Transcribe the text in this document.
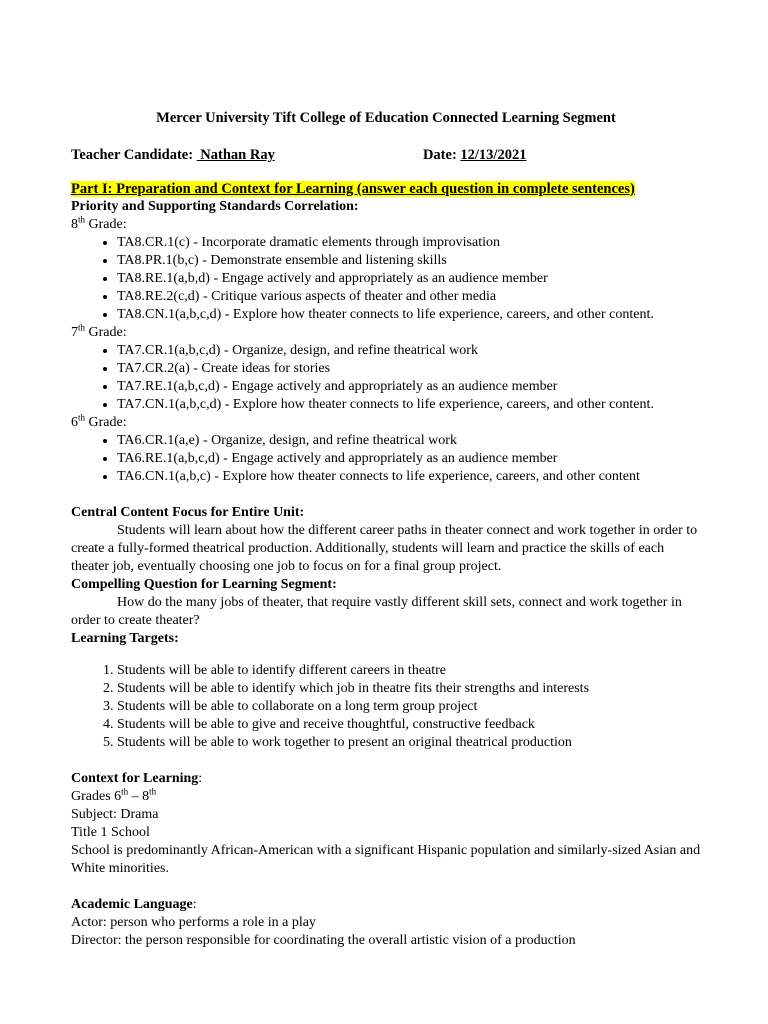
Mercer University Tift College of Education Connected Learning Segment
Teacher Candidate: Nathan Ray	Date: 12/13/2021
Part I: Preparation and Context for Learning (answer each question in complete sentences)
Priority and Supporting Standards Correlation:
8th Grade:
• TA8.CR.1(c) - Incorporate dramatic elements through improvisation
• TA8.PR.1(b,c) - Demonstrate ensemble and listening skills
• TA8.RE.1(a,b,d) - Engage actively and appropriately as an audience member
• TA8.RE.2(c,d) - Critique various aspects of theater and other media
• TA8.CN.1(a,b,c,d) - Explore how theater connects to life experience, careers, and other content.
7th Grade:
• TA7.CR.1(a,b,c,d) - Organize, design, and refine theatrical work
• TA7.CR.2(a) - Create ideas for stories
• TA7.RE.1(a,b,c,d) - Engage actively and appropriately as an audience member
• TA7.CN.1(a,b,c,d) - Explore how theater connects to life experience, careers, and other content.
6th Grade:
• TA6.CR.1(a,e) - Organize, design, and refine theatrical work
• TA6.RE.1(a,b,c,d) - Engage actively and appropriately as an audience member
• TA6.CN.1(a,b,c) - Explore how theater connects to life experience, careers, and other content
Central Content Focus for Entire Unit:
Students will learn about how the different career paths in theater connect and work together in order to create a fully-formed theatrical production. Additionally, students will learn and practice the skills of each theater job, eventually choosing one job to focus on for a final group project.
Compelling Question for Learning Segment:
How do the many jobs of theater, that require vastly different skill sets, connect and work together in order to create theater?
Learning Targets:
1. Students will be able to identify different careers in theatre
2. Students will be able to identify which job in theatre fits their strengths and interests
3. Students will be able to collaborate on a long term group project
4. Students will be able to give and receive thoughtful, constructive feedback
5. Students will be able to work together to present an original theatrical production
Context for Learning:
Grades 6th – 8th
Subject: Drama
Title 1 School
School is predominantly African-American with a significant Hispanic population and similarly-sized Asian and White minorities.
Academic Language:
Actor: person who performs a role in a play
Director: the person responsible for coordinating the overall artistic vision of a production
